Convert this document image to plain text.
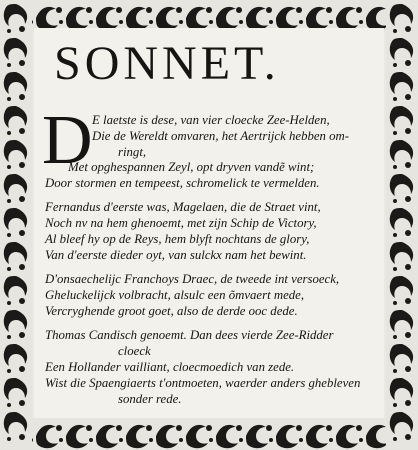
SONNET.
D E laetste is dese, van vier cloecke Zee-Helden,
Die de Wereldt omvaren, het Aertrijck hebben om-
ringt,
Met opghespannen Zeyl, opt dryven vandẽ wint;
Door stormen en tempeest, schromelick te vermelden.
Fernandus d'eerste was, Magelaen, die de Straet vint,
Noch nv na hem ghenoemt, met zijn Schip de Victory,
Al bleef hy op de Reys, hem blyft nochtans de glory,
Van d'eerste dieder oyt, van sulckx nam het bewint.
D'onsaechelijc Franchoys Draec, de tweede int versoeck,
Gheluckelijck volbracht, alsulc een õmvaert mede,
Vercryghende groot goet, also de derde ooc dede.
Thomas Candisch genoemt. Dan dees vierde Zee-Ridder
cloeck
Een Hollander vailliant, cloecmoedich van zede.
Wist die Spaengiaerts t'ontmoeten, waerder anders ghebleven
sonder rede.
